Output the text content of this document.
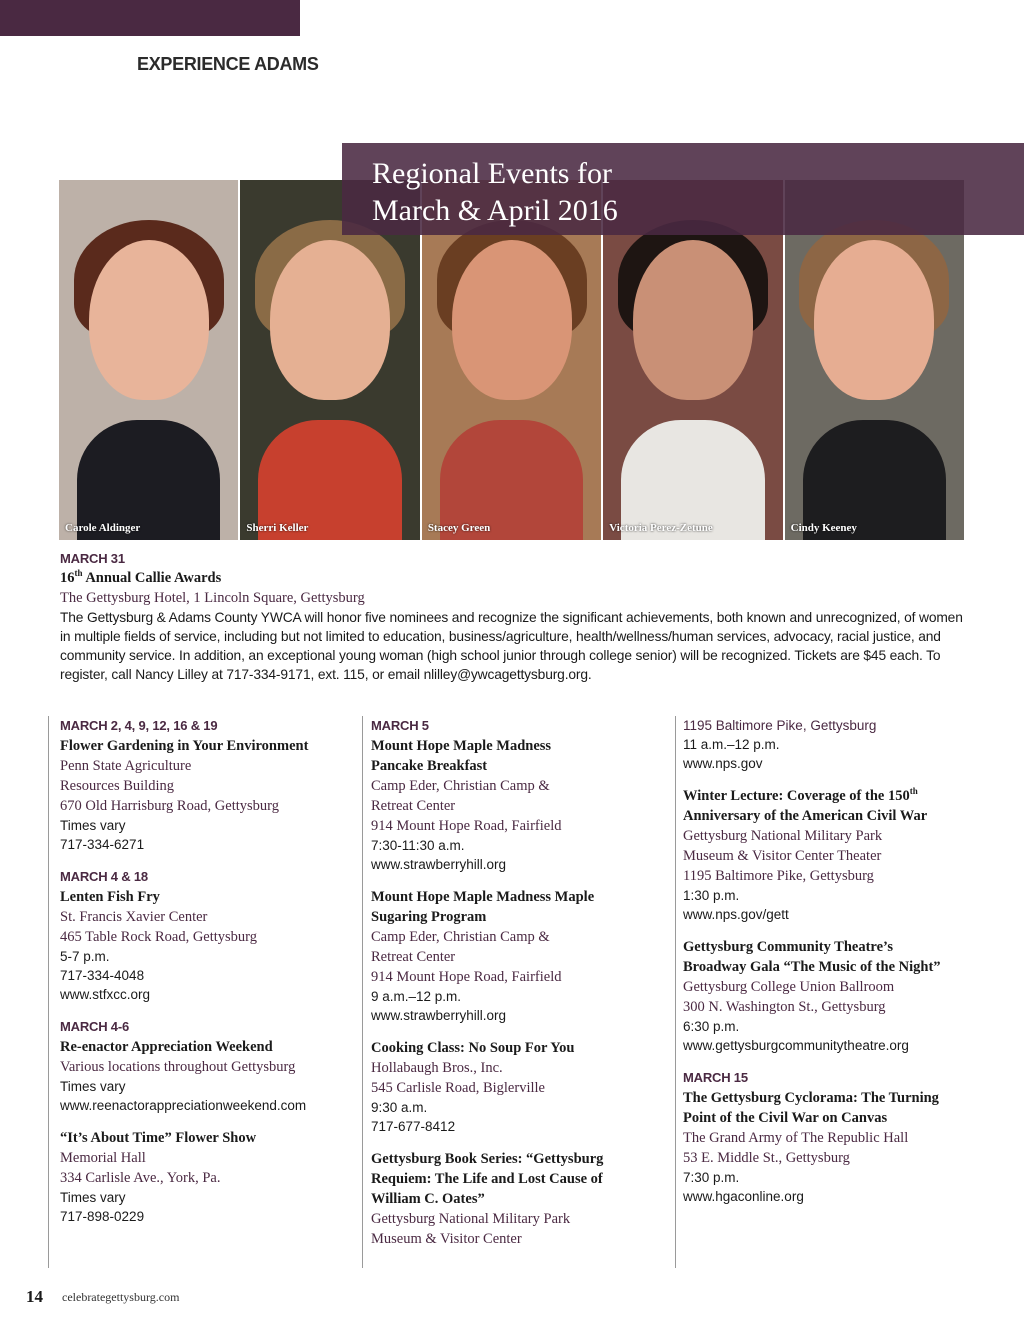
EXPERIENCE ADAMS
Carole Aldinger	Sherri Keller	Stacey Green	Victoria Perez-Zetune	Cindy Keeney
Regional Events for
March & April 2016

MARCH 31

16th Annual Callie Awards

The Gettysburg Hotel, 1 Lincoln Square, Gettysburg

The Gettysburg & Adams County YWCA will honor five nominees and recognize the significant achievements, both known and unrecognized, of women in multiple fields of service, including but not limited to education, business/agriculture, health/wellness/human services, advocacy, racial justice, and community service. In addition, an exceptional young woman (high school junior through college senior) will be recognized. Tickets are $45 each. To register, call Nancy Lilley at 717-334-9171, ext. 115, or email nlilley@ywcagettysburg.org.

MARCH 2, 4, 9, 12, 16 & 19

Flower Gardening in Your Environment

Penn State Agriculture

Resources Building

670 Old Harrisburg Road, Gettysburg

Times vary

717-334-6271

MARCH 4 & 18

Lenten Fish Fry

St. Francis Xavier Center

465 Table Rock Road, Gettysburg

5-7 p.m.

717-334-4048

www.stfxcc.org

MARCH 4-6

Re-enactor Appreciation Weekend

Various locations throughout Gettysburg

Times vary

www.reenactorappreciationweekend.com

“It’s About Time” Flower Show

Memorial Hall

334 Carlisle Ave., York, Pa.

Times vary

717-898-0229

MARCH 5

Mount Hope Maple Madness

Pancake Breakfast

Camp Eder, Christian Camp &

Retreat Center

914 Mount Hope Road, Fairfield

7:30-11:30 a.m.

www.strawberryhill.org

Mount Hope Maple Madness Maple

Sugaring Program

Camp Eder, Christian Camp &

Retreat Center

914 Mount Hope Road, Fairfield

9 a.m.–12 p.m.

www.strawberryhill.org

Cooking Class: No Soup For You

Hollabaugh Bros., Inc.

545 Carlisle Road, Biglerville

9:30 a.m.

717-677-8412

Gettysburg Book Series: “Gettysburg

Requiem: The Life and Lost Cause of

William C. Oates”

Gettysburg National Military Park

Museum & Visitor Center

1195 Baltimore Pike, Gettysburg

11 a.m.–12 p.m.

www.nps.gov

Winter Lecture: Coverage of the 150th

Anniversary of the American Civil War

Gettysburg National Military Park

Museum & Visitor Center Theater

1195 Baltimore Pike, Gettysburg

1:30 p.m.

www.nps.gov/gett

Gettysburg Community Theatre’s

Broadway Gala “The Music of the Night”

Gettysburg College Union Ballroom

300 N. Washington St., Gettysburg

6:30 p.m.

www.gettysburgcommunitytheatre.org

MARCH 15

The Gettysburg Cyclorama: The Turning

Point of the Civil War on Canvas

The Grand Army of The Republic Hall

53 E. Middle St., Gettysburg

7:30 p.m.

www.hgaconline.org

14 celebrategettysburg.com
